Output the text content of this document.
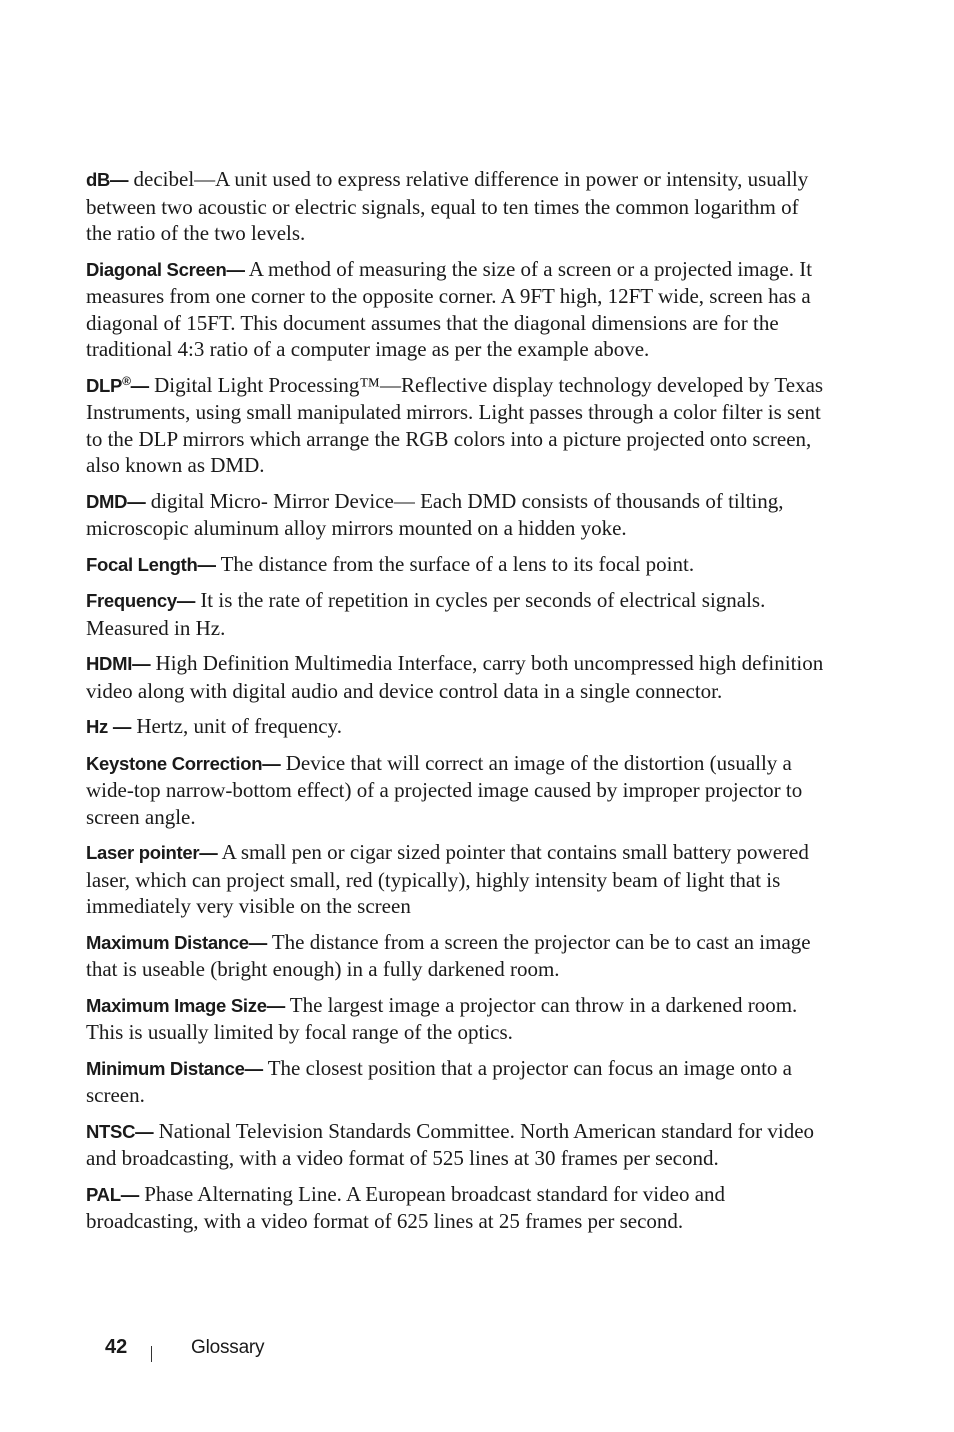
dB— decibel—A unit used to express relative difference in power or intensity, usually between two acoustic or electric signals, equal to ten times the common logarithm of the ratio of the two levels.

Diagonal Screen— A method of measuring the size of a screen or a projected image. It measures from one corner to the opposite corner. A 9FT high, 12FT wide, screen has a diagonal of 15FT. This document assumes that the diagonal dimensions are for the traditional 4:3 ratio of a computer image as per the example above.

DLP®— Digital Light Processing™—Reflective display technology developed by Texas Instruments, using small manipulated mirrors. Light passes through a color filter is sent to the DLP mirrors which arrange the RGB colors into a picture projected onto screen, also known as DMD.

DMD— digital Micro- Mirror Device— Each DMD consists of thousands of tilting, microscopic aluminum alloy mirrors mounted on a hidden yoke.

Focal Length— The distance from the surface of a lens to its focal point.

Frequency— It is the rate of repetition in cycles per seconds of electrical signals. Measured in Hz.

HDMI— High Definition Multimedia Interface, carry both uncompressed high definition video along with digital audio and device control data in a single connector.

Hz — Hertz, unit of frequency.

Keystone Correction— Device that will correct an image of the distortion (usually a wide-top narrow-bottom effect) of a projected image caused by improper projector to screen angle.

Laser pointer— A small pen or cigar sized pointer that contains small battery powered laser, which can project small, red (typically), highly intensity beam of light that is immediately very visible on the screen

Maximum Distance— The distance from a screen the projector can be to cast an image that is useable (bright enough) in a fully darkened room.

Maximum Image Size— The largest image a projector can throw in a darkened room. This is usually limited by focal range of the optics.

Minimum Distance— The closest position that a projector can focus an image onto a screen.

NTSC— National Television Standards Committee. North American standard for video and broadcasting, with a video format of 525 lines at 30 frames per second.

PAL— Phase Alternating Line. A European broadcast standard for video and broadcasting, with a video format of 625 lines at 25 frames per second.

42	Glossary
